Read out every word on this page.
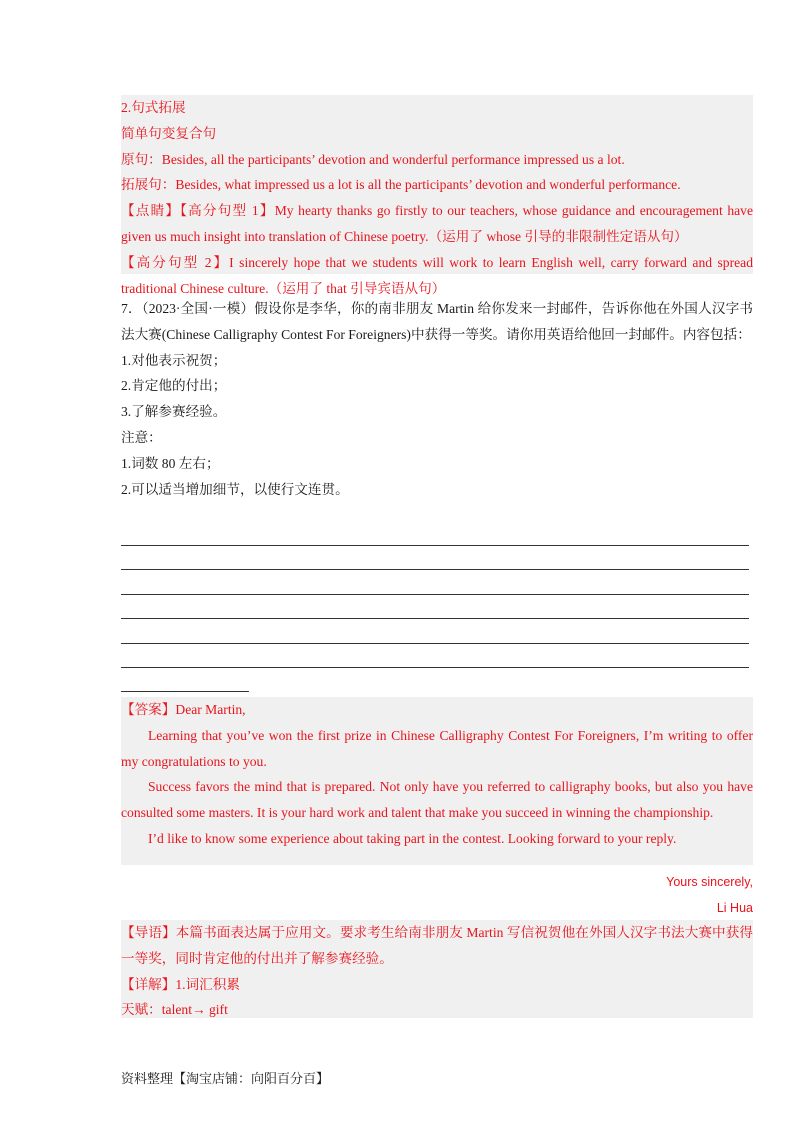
2.句式拓展
简单句变复合句
原句：Besides, all the participants’ devotion and wonderful performance impressed us a lot.
拓展句：Besides, what impressed us a lot is all the participants’ devotion and wonderful performance.
【点睛】【高分句型 1】My hearty thanks go firstly to our teachers, whose guidance and encouragement have given us much insight into translation of Chinese poetry.（运用了 whose 引导的非限制性定语从句）
【高分句型 2】I sincerely hope that we students will work to learn English well, carry forward and spread traditional Chinese culture.（运用了 that 引导宾语从句）
7．（2023·全国·一模）假设你是李华，你的南非朋友 Martin 给你发来一封邮件，告诉你他在外国人汉字书法大赛(Chinese Calligraphy Contest For Foreigners)中获得一等奖。请你用英语给他回一封邮件。内容包括：
1.对他表示祝贺；
2.肯定他的付出；
3.了解参赛经验。
注意：
1.词数 80 左右；
2.可以适当增加细节，以使行文连贯。
【答案】Dear Martin,
Learning that you’ve won the first prize in Chinese Calligraphy Contest For Foreigners, I’m writing to offer my congratulations to you.
Success favors the mind that is prepared. Not only have you referred to calligraphy books, but also you have consulted some masters. It is your hard work and talent that make you succeed in winning the championship.
I’d like to know some experience about taking part in the contest. Looking forward to your reply.
Yours sincerely,
Li Hua
【导语】本篇书面表达属于应用文。要求考生给南非朋友 Martin 写信祝贺他在外国人汉字书法大赛中获得一等奖，同时肯定他的付出并了解参赛经验。
【详解】1.词汇积累
天赋：talent→ gift
资料整理【淘宝店铺：向阳百分百】
